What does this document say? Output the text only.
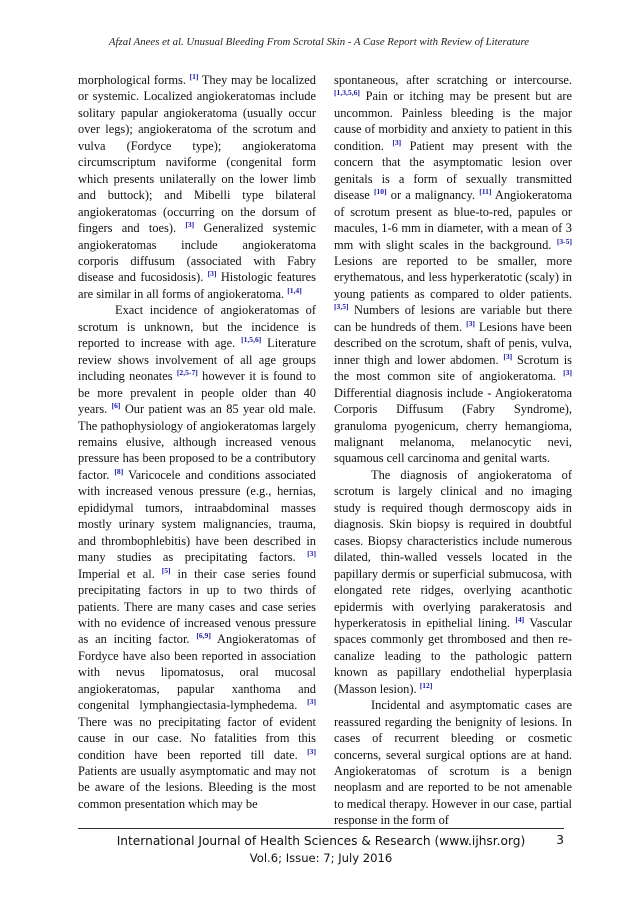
Afzal Anees et al. Unusual Bleeding From Scrotal Skin - A Case Report with Review of Literature

morphological forms. [1] They may be localized or systemic. Localized angiokeratomas include solitary papular angiokeratoma (usually occur over legs); angiokeratoma of the scrotum and vulva (Fordyce type); angiokeratoma circumscriptum naviforme (congenital form which presents unilaterally on the lower limb and buttock); and Mibelli type bilateral angiokeratomas (occurring on the dorsum of fingers and toes). [3] Generalized systemic angiokeratomas include angiokeratoma corporis diffusum (associated with Fabry disease and fucosidosis). [3] Histologic features are similar in all forms of angiokeratoma. [1,4]

Exact incidence of angiokeratomas of scrotum is unknown, but the incidence is reported to increase with age. [1,5,6] Literature review shows involvement of all age groups including neonates [2,5-7] however it is found to be more prevalent in people older than 40 years. [6] Our patient was an 85 year old male. The pathophysiology of angiokeratomas largely remains elusive, although increased venous pressure has been proposed to be a contributory factor. [8] Varicocele and conditions associated with increased venous pressure (e.g., hernias, epididymal tumors, intraabdominal masses mostly urinary system malignancies, trauma, and thrombophlebitis) have been described in many studies as precipitating factors. [3] Imperial et al. [5] in their case series found precipitating factors in up to two thirds of patients. There are many cases and case series with no evidence of increased venous pressure as an inciting factor. [6,9] Angiokeratomas of Fordyce have also been reported in association with nevus lipomatosus, oral mucosal angiokeratomas, papular xanthoma and congenital lymphangiectasia-lymphedema. [3] There was no precipitating factor of evident cause in our case. No fatalities from this condition have been reported till date. [3] Patients are usually asymptomatic and may not be aware of the lesions. Bleeding is the most common presentation which may be

spontaneous, after scratching or intercourse. [1,3,5,6] Pain or itching may be present but are uncommon. Painless bleeding is the major cause of morbidity and anxiety to patient in this condition. [3] Patient may present with the concern that the asymptomatic lesion over genitals is a form of sexually transmitted disease [10] or a malignancy. [11] Angiokeratoma of scrotum present as blue-to-red, papules or macules, 1-6 mm in diameter, with a mean of 3 mm with slight scales in the background. [3-5] Lesions are reported to be smaller, more erythematous, and less hyperkeratotic (scaly) in young patients as compared to older patients. [3,5] Numbers of lesions are variable but there can be hundreds of them. [3] Lesions have been described on the scrotum, shaft of penis, vulva, inner thigh and lower abdomen. [3] Scrotum is the most common site of angiokeratoma. [3] Differential diagnosis include - Angiokeratoma Corporis Diffusum (Fabry Syndrome), granuloma pyogenicum, cherry hemangioma, malignant melanoma, melanocytic nevi, squamous cell carcinoma and genital warts.

The diagnosis of angiokeratoma of scrotum is largely clinical and no imaging study is required though dermoscopy aids in diagnosis. Skin biopsy is required in doubtful cases. Biopsy characteristics include numerous dilated, thin-walled vessels located in the papillary dermis or superficial submucosa, with elongated rete ridges, overlying acanthotic epidermis with overlying parakeratosis and hyperkeratosis in epithelial lining. [4] Vascular spaces commonly get thrombosed and then re-canalize leading to the pathologic pattern known as papillary endothelial hyperplasia (Masson lesion). [12]

Incidental and asymptomatic cases are reassured regarding the benignity of lesions. In cases of recurrent bleeding or cosmetic concerns, several surgical options are at hand. Angiokeratomas of scrotum is a benign neoplasm and are reported to be not amenable to medical therapy. However in our case, partial response in the form of

International Journal of Health Sciences & Research (www.ijhsr.org)
Vol.6; Issue: 7; July 2016
3
